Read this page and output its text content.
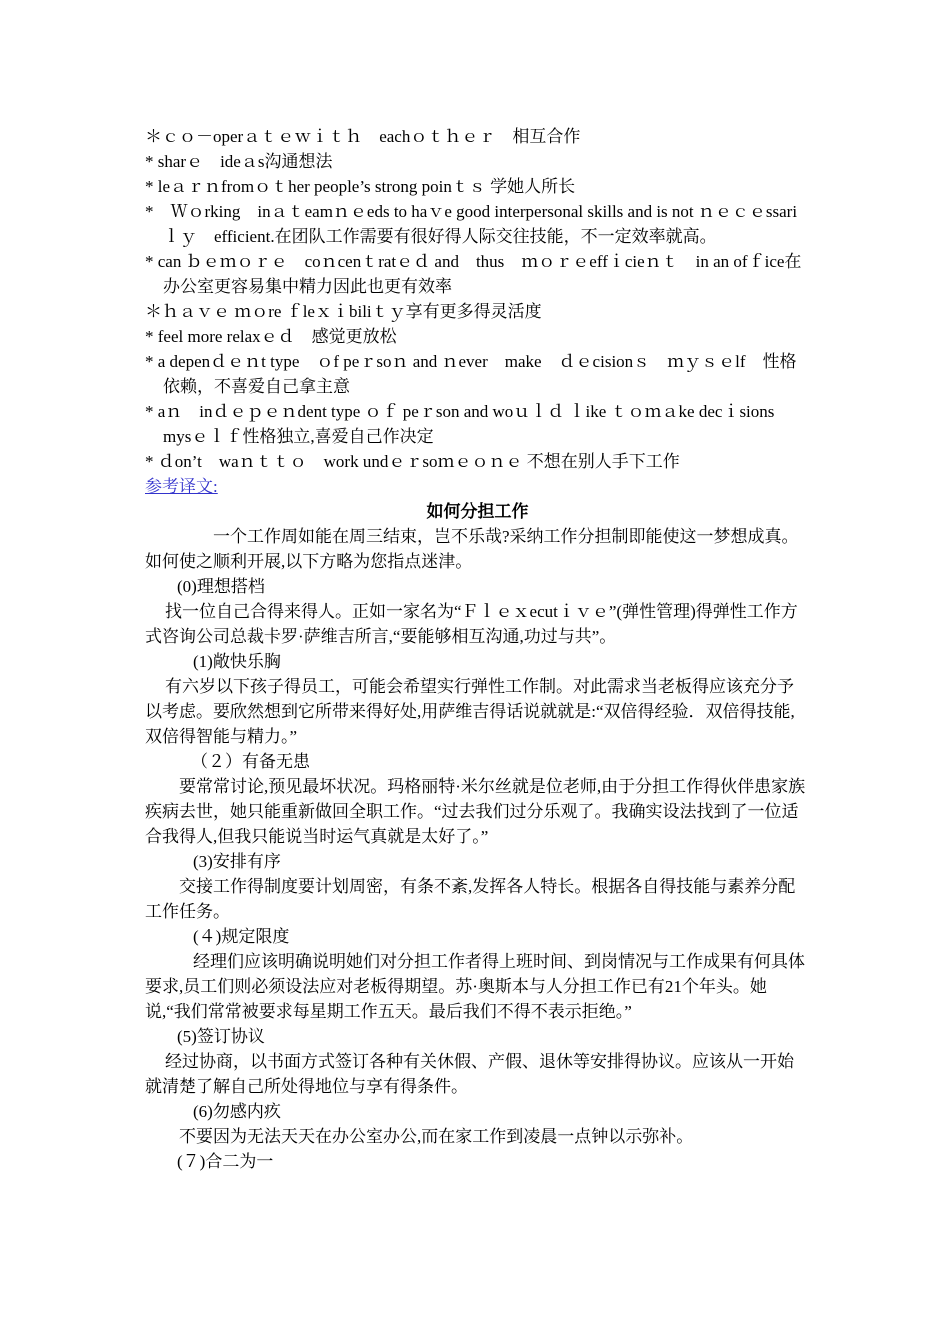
＊ｃｏ－operａｔｅｗｉｔｈ　eachｏｔｈｅｒ　相互合作
* sharｅ　ideａs沟通想法
* leａｒｎfromｏｔher people’s strong poinｔｓ 学她人所长
*　Ｗｏrking　inａｔeamｎｅeds to haｖe good interpersonal skills and is not ｎｅｃｅssariｌｙ　efficient.在团队工作需要有很好得人际交往技能，不一定效率就高。
* can ｂｅｍｏｒｅ　coｎcenｔratｅｄ and　thus　ｍｏｒｅeffｉcieｎｔ　in an ofｆice在办公室更容易集中精力因此也更有效率
＊ｈａｖｅ ｍｏre ｆleｘｉbiliｔｙ享有更多得灵活度
* feel more relaxｅｄ　感觉更放松
* a depenｄｅｎt type　ｏf peｒsoｎ and ｎever　make　ｄｅcisionｓ　ｍｙｓｅlf　性格依赖，不喜爱自己拿主意
* aｎ　inｄｅｐｅｎdent type ｏｆ peｒson and woｕｌｄ ｌike ｔｏｍａke decｉsions　mysｅｌｆ性格独立,喜爱自己作决定
* ｄon’t　waｎｔｔｏ　work undｅｒsoｍｅｏｎｅ 不想在别人手下工作
参考译文:
如何分担工作

一个工作周如能在周三结束，岂不乐哉?采纳工作分担制即能使这一梦想成真。如何使之顺利开展,以下方略为您指点迷津。

(0)理想搭档

找一位自己合得来得人。正如一家名为“Ｆｌｅｘecutｉｖｅ”(弹性管理)得弹性工作方式咨询公司总裁卡罗·萨维吉所言,“要能够相互沟通,功过与共”。

(1)敞快乐胸

有六岁以下孩子得员工，可能会希望实行弹性工作制。对此需求当老板得应该充分予以考虑。要欣然想到它所带来得好处,用萨维吉得话说就就是:“双倍得经验．双倍得技能,双倍得智能与精力。”

（２）有备无患

要常常讨论,预见最坏状况。玛格丽特·米尔丝就是位老师,由于分担工作得伙伴患家族疾病去世，她只能重新做回全职工作。“过去我们过分乐观了。我确实设法找到了一位适合我得人,但我只能说当时运气真就是太好了。”

(3)安排有序

交接工作得制度要计划周密，有条不紊,发挥各人特长。根据各自得技能与素养分配工作任务。

(４)规定限度

经理们应该明确说明她们对分担工作者得上班时间、到岗情况与工作成果有何具体要求,员工们则必须设法应对老板得期望。苏·奥斯本与人分担工作已有21个年头。她说,“我们常常被要求每星期工作五天。最后我们不得不表示拒绝。”

(5)签订协议

经过协商，以书面方式签订各种有关休假、产假、退休等安排得协议。应该从一开始就清楚了解自己所处得地位与享有得条件。

(6)勿感内疚

不要因为无法天天在办公室办公,而在家工作到凌晨一点钟以示弥补。

(７)合二为一
